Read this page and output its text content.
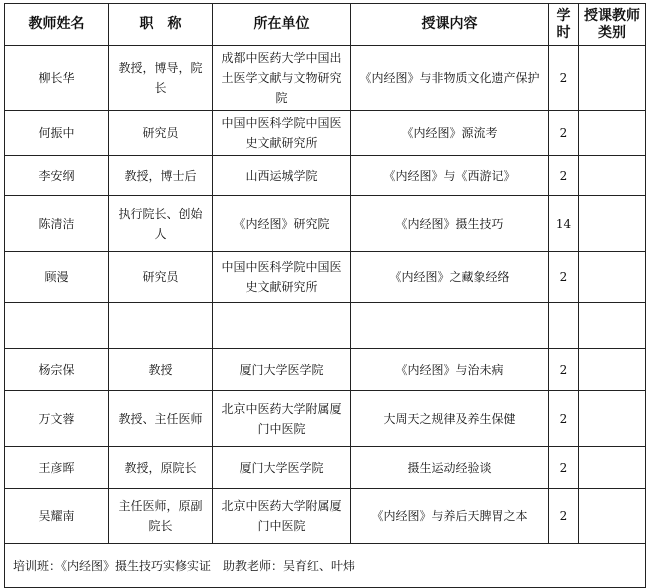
教师姓名	职　称	所在单位	授课内容	学时	授课教师类别
柳长华	教授，博导，院长	成都中医药大学中国出土医学文献与文物研究院	《内经图》与非物质文化遗产保护	2	
何振中	研究员	中国中医科学院中国医史文献研究所	《内经图》源流考	2	
李安纲	教授，博士后	山西运城学院	《内经图》与《西游记》	2	
陈清洁	执行院长、创始人	《内经图》研究院	《内经图》摄生技巧	14	
顾漫	研究员	中国中医科学院中国医史文献研究所	《内经图》之藏象经络	2	

杨宗保	教授	厦门大学医学院	《内经图》与治未病	2	
万文蓉	教授、主任医师	北京中医药大学附属厦门中医院	大周天之规律及养生保健	2	
王彦晖	教授，原院长	厦门大学医学院	摄生运动经验谈	2	
吴耀南	主任医师，原副院长	北京中医药大学附属厦门中医院	《内经图》与养后天脾胃之本	2	
培训班：《内经图》摄生技巧实修实证　助教老师：吴育红、叶炜					
